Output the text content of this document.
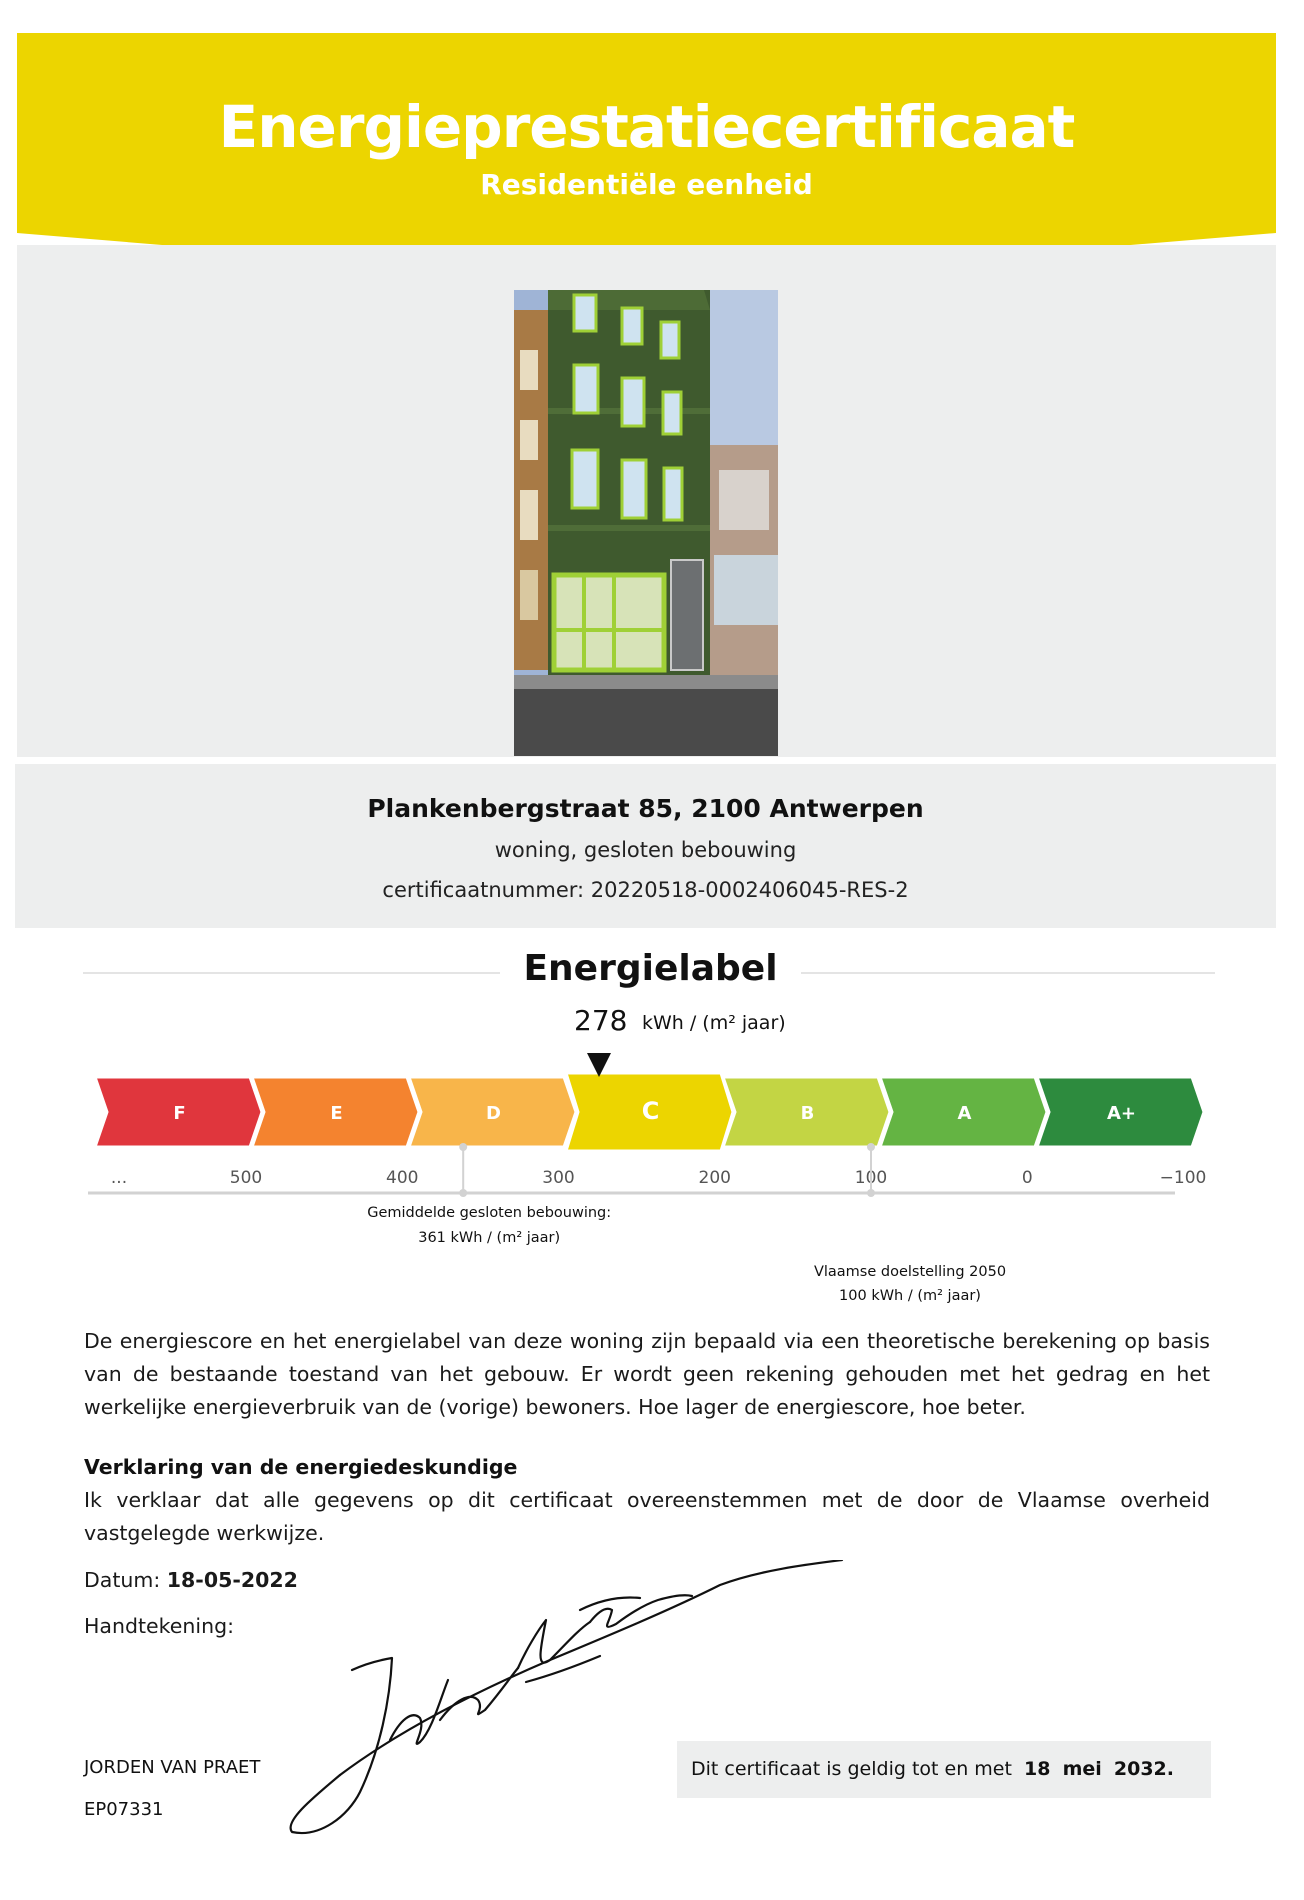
Energieprestatiecertificaat
Residentiële eenheid
Plankenbergstraat 85, 2100 Antwerpen
woning, gesloten bebouwing
certificaatnummer: 20220518-0002406045-RES-2
Energielabel
278 kWh / (m² jaar)
F	E	D	C	B	A	A+
...	500	400	300	200	100	0	−100
Gemiddelde gesloten bebouwing:
361 kWh / (m² jaar)
Vlaamse doelstelling 2050
100 kWh / (m² jaar)
De energiescore en het energielabel van deze woning zijn bepaald via een theoretische berekening op basis van de bestaande toestand van het gebouw. Er wordt geen rekening gehouden met het gedrag en het werkelijke energieverbruik van de (vorige) bewoners. Hoe lager de energiescore, hoe beter.
Verklaring van de energiedeskundige
Ik verklaar dat alle gegevens op dit certificaat overeenstemmen met de door de Vlaamse overheid vastgelegde werkwijze.
Datum: 18-05-2022
Handtekening:
JORDEN VAN PRAET
EP07331
Dit certificaat is geldig tot en met 18 mei 2032.
